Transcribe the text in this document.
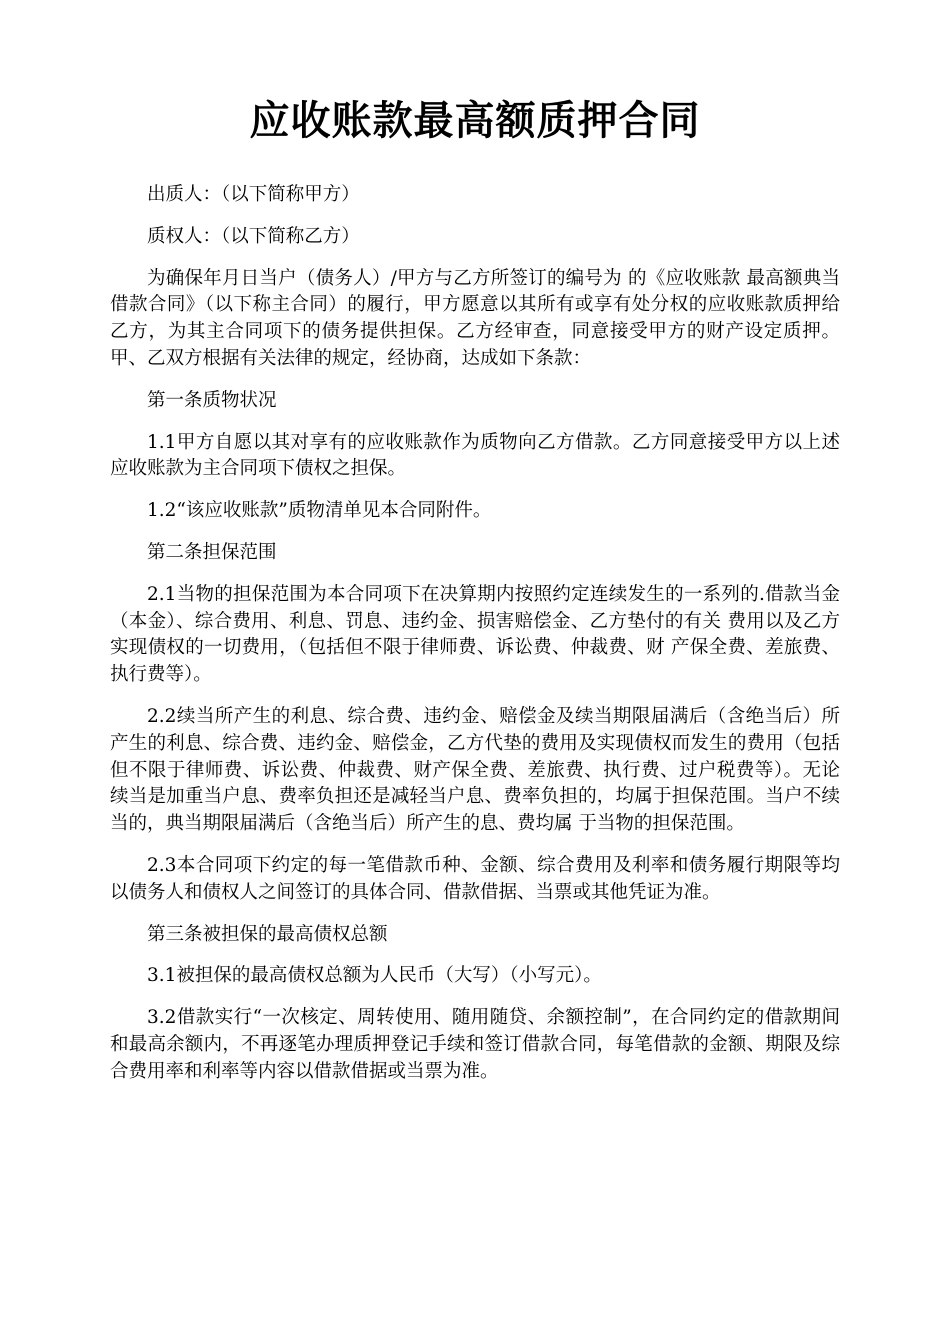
应收账款最高额质押合同

出质人：（以下简称甲方）

质权人：（以下简称乙方）

为确保年月日当户（债务人）/甲方与乙方所签订的编号为 的《应收账款 最高额典当借款合同》（以下称主合同）的履行，甲方愿意以其所有或享有处分权的应收账款质押给乙方，为其主合同项下的债务提供担保。乙方经审查，同意接受甲方的财产设定质押。甲、乙双方根据有关法律的规定，经协商，达成如下条款：

第一条质物状况

1.1甲方自愿以其对享有的应收账款作为质物向乙方借款。乙方同意接受甲方以上述应收账款为主合同项下债权之担保。

1.2“该应收账款”质物清单见本合同附件。

第二条担保范围

2.1当物的担保范围为本合同项下在决算期内按照约定连续发生的一系列的.借款当金（本金）、综合费用、利息、罚息、违约金、损害赔偿金、乙方垫付的有关 费用以及乙方实现债权的一切费用，（包括但不限于律师费、诉讼费、仲裁费、财 产保全费、差旅费、执行费等）。

2.2续当所产生的利息、综合费、违约金、赔偿金及续当期限届满后（含绝当后）所产生的利息、综合费、违约金、赔偿金，乙方代垫的费用及实现债权而发生的费用（包括但不限于律师费、诉讼费、仲裁费、财产保全费、差旅费、执行费、过户税费等）。无论续当是加重当户息、费率负担还是减轻当户息、费率负担的，均属于担保范围。当户不续当的，典当期限届满后（含绝当后）所产生的息、费均属 于当物的担保范围。

2.3本合同项下约定的每一笔借款币种、金额、综合费用及利率和债务履行期限等均以债务人和债权人之间签订的具体合同、借款借据、当票或其他凭证为准。

第三条被担保的最高债权总额

3.1被担保的最高债权总额为人民币（大写）（小写元）。

3.2借款实行“一次核定、周转使用、随用随贷、余额控制”，在合同约定的借款期间和最高余额内，不再逐笔办理质押登记手续和签订借款合同，每笔借款的金额、期限及综合费用率和利率等内容以借款借据或当票为准。
